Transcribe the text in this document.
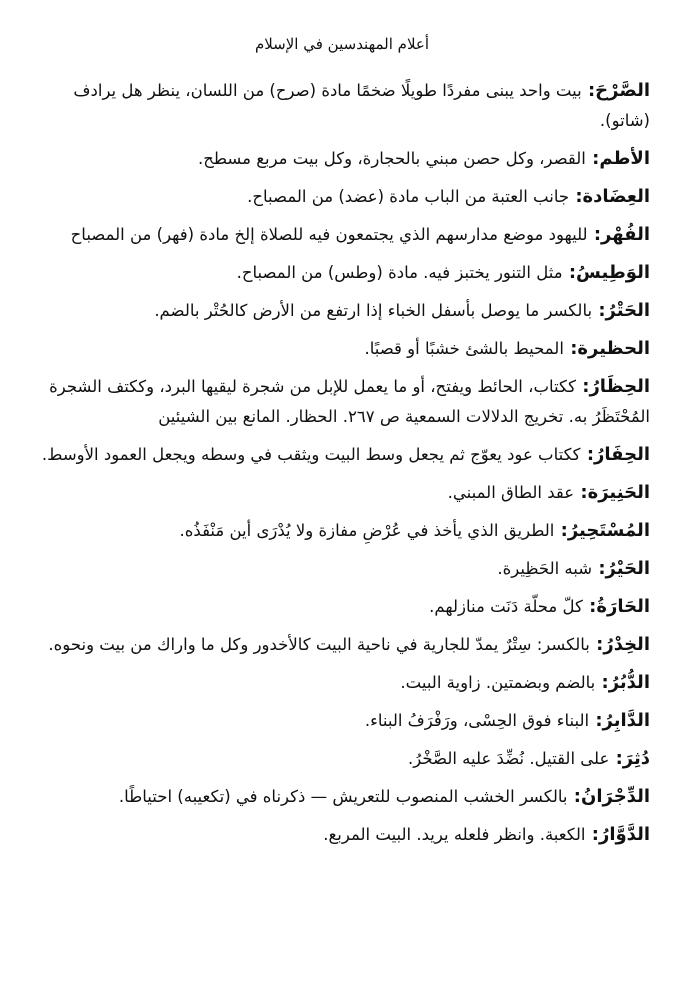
أعلام المهندسين في الإسلام
الصَّرْحَ: بيت واحد يبنى مفردًا طويلًا ضخمًا مادة (صرح) من اللسان، ينظر هل يرادف (شاتو).
الأطم: القصر، وكل حصن مبني بالحجارة، وكل بيت مربع مسطح.
العِضَادة: جانب العتبة من الباب مادة (عضد) من المصباح.
الفُهْر: لليهود موضع مدارسهم الذي يجتمعون فيه للصلاة إلخ مادة (فهر) من المصباح
الوَطِيسُ: مثل التنور يختبز فيه. مادة (وطس) من المصباح.
الحَتْرُ: بالكسر ما يوصل بأسفل الخباء إذا ارتفع من الأرض كالحُتْر بالضم.
الحظيرة: المحيط بالشئ خشبًا أو قصبًا.
الحِظَارُ: ككتاب، الحائط ويفتح، أو ما يعمل للإبل من شجرة ليقيها البرد، وككتف الشجرة المُحْتَظَرُ به. تخريج الدلالات السمعية ص ٢٦٧. الحظار. المانع بين الشيئين
الحِفَارُ: ككتاب عود يعوّج ثم يجعل وسط البيت ويثقب في وسطه ويجعل العمود الأوسط.
الحَنِيرَة: عقد الطاق المبني.
المُسْتَحِيرُ: الطريق الذي يأخذ في عُرْضِ مفازة ولا يُدْرَى أين مَنْفَذُه.
الحَيْرُ: شبه الحَظِيرة.
الحَارَةُ: كلّ محلّة دَنَت منازلهم.
الخِدْرُ: بالكسر: سِتْرٌ يمدّ للجارية في ناحية البيت كالأخدور وكل ما واراك من بيت ونحوه.
الدُّبُرُ: بالضم وبضمتين. زاوية البيت.
الدَّابِرُ: البناء فوق الحِسْى، ورَفْرَفُ البناء.
دُثِرَ: على القتيل. نُضِّدَ عليه الصَّخْرُ.
الدِّجْرَانُ: بالكسر الخشب المنصوب للتعريش — ذكرناه في (تكعيبه) احتياطًا.
الدَّوَّارُ: الكعبة. وانظر فلعله يريد. البيت المربع.
